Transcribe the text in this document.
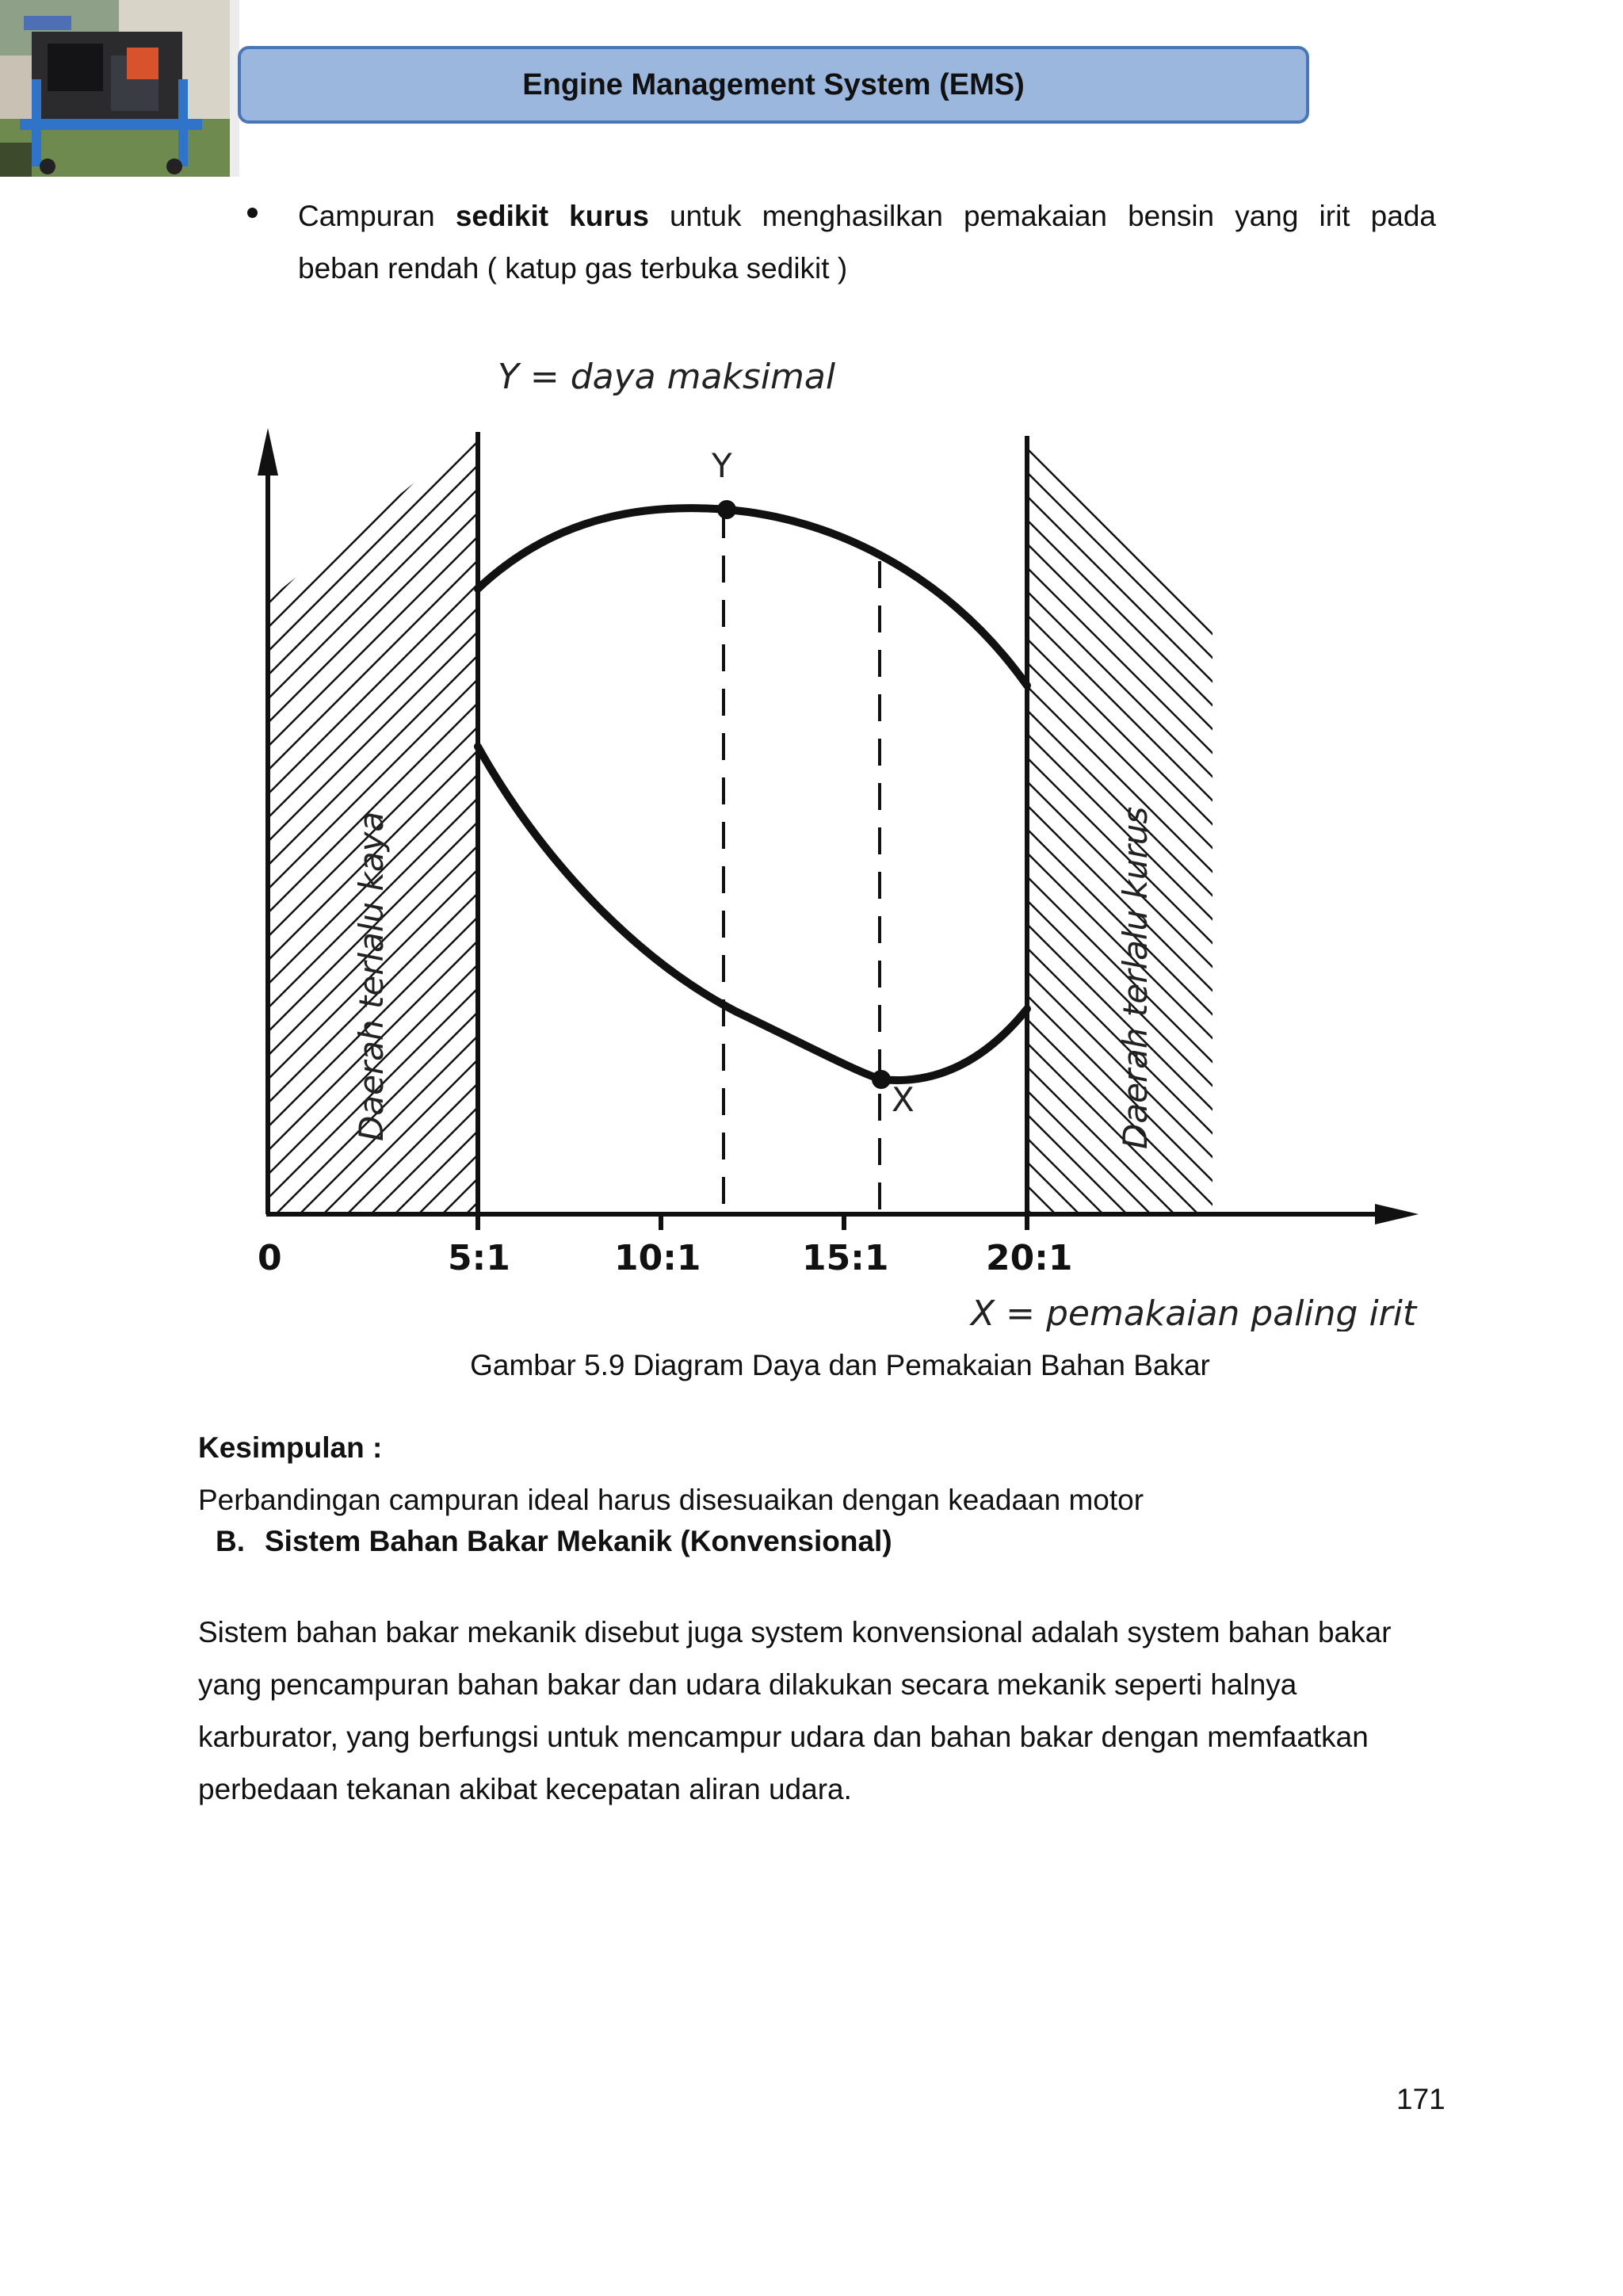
Engine Management System (EMS)
Campuran sedikit kurus untuk menghasilkan pemakaian bensin yang irit pada
beban rendah ( katup gas terbuka sedikit )
Y = daya maksimal
Y
X
Daerah terlalu kaya	Daerah terlalu kurus
0	5:1	10:1	15:1	20:1
X = pemakaian paling irit
Gambar 5.9 Diagram Daya dan Pemakaian Bahan Bakar
Kesimpulan :
Perbandingan campuran ideal harus disesuaikan dengan keadaan motor
B. Sistem Bahan Bakar Mekanik (Konvensional)
Sistem bahan bakar mekanik disebut juga system konvensional adalah system bahan bakar yang pencampuran bahan bakar dan udara dilakukan secara mekanik seperti halnya karburator, yang berfungsi untuk mencampur udara dan bahan bakar dengan memfaatkan perbedaan tekanan akibat kecepatan aliran udara.
171
